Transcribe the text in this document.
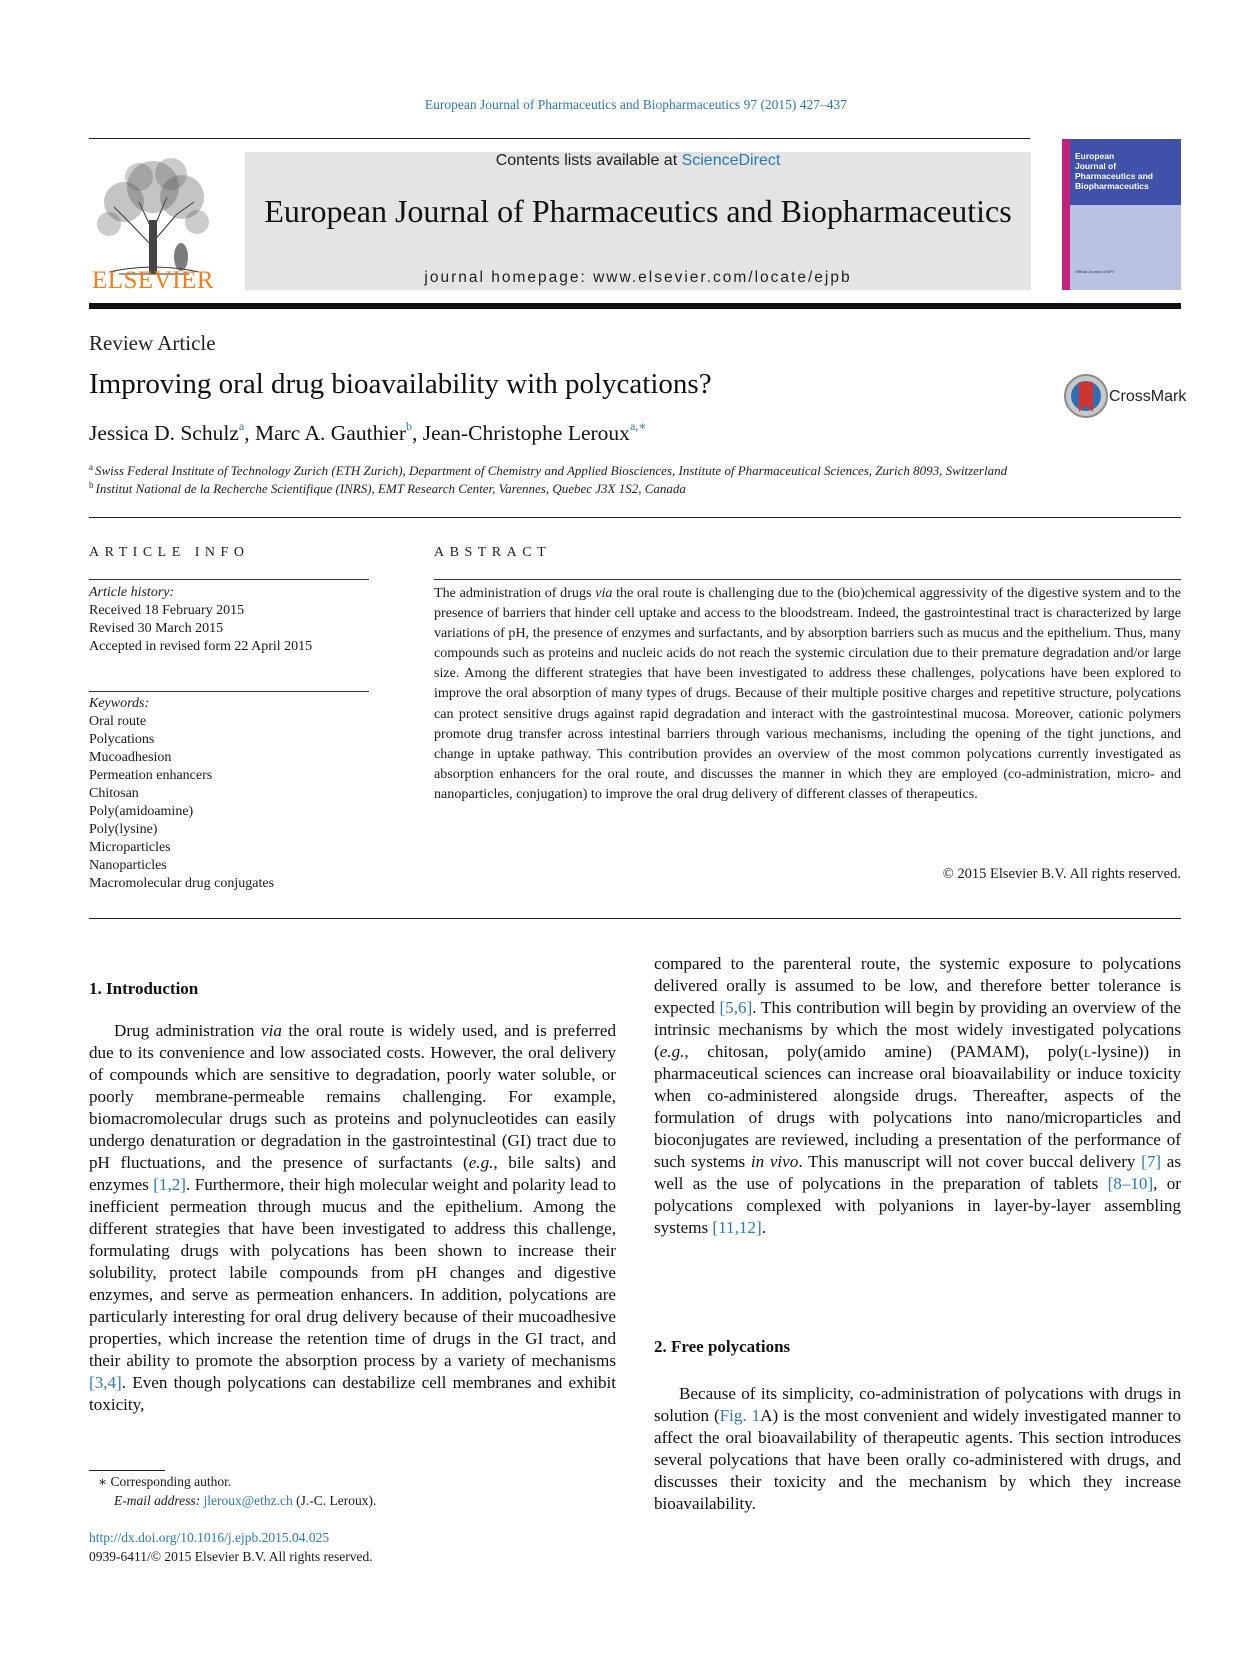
European Journal of Pharmaceutics and Biopharmaceutics 97 (2015) 427–437
ELSEVIER
Contents lists available at ScienceDirect
European Journal of Pharmaceutics and Biopharmaceutics
journal homepage: www.elsevier.com/locate/ejpb
European
Journal of
Pharmaceutics and
Biopharmaceutics
Official Journal of APV
Review Article
Improving oral drug bioavailability with polycations?	CrossMark
Jessica D. Schulz$^a$, Marc A. Gauthier$^b$, Jean-Christophe Leroux$^{a,∗}$
$^a$ Swiss Federal Institute of Technology Zurich (ETH Zurich), Department of Chemistry and Applied Biosciences, Institute of Pharmaceutical Sciences, Zurich 8093, Switzerland
$^b$ Institut National de la Recherche Scientifique (INRS), EMT Research Center, Varennes, Quebec J3X 1S2, Canada
ARTICLE INFO
Article history:
Received 18 February 2015
Revised 30 March 2015
Accepted in revised form 22 April 2015
Keywords:
Oral route
Polycations
Mucoadhesion
Permeation enhancers
Chitosan
Poly(amidoamine)
Poly(lysine)
Microparticles
Nanoparticles
Macromolecular drug conjugates
ABSTRACT
The administration of drugs via the oral route is challenging due to the (bio)chemical aggressivity of the digestive system and to the presence of barriers that hinder cell uptake and access to the bloodstream. Indeed, the gastrointestinal tract is characterized by large variations of pH, the presence of enzymes and surfactants, and by absorption barriers such as mucus and the epithelium. Thus, many compounds such as proteins and nucleic acids do not reach the systemic circulation due to their premature degradation and/or large size. Among the different strategies that have been investigated to address these challenges, polycations have been explored to improve the oral absorption of many types of drugs. Because of their multiple positive charges and repetitive structure, polycations can protect sensitive drugs against rapid degradation and interact with the gastrointestinal mucosa. Moreover, cationic polymers promote drug transfer across intestinal barriers through various mechanisms, including the opening of the tight junctions, and change in uptake pathway. This contribution provides an overview of the most common polycations currently investigated as absorption enhancers for the oral route, and discusses the manner in which they are employed (co-administration, micro- and nanoparticles, conjugation) to improve the oral drug delivery of different classes of therapeutics.
© 2015 Elsevier B.V. All rights reserved.
1. Introduction
Drug administration via the oral route is widely used, and is preferred due to its convenience and low associated costs. However, the oral delivery of compounds which are sensitive to degradation, poorly water soluble, or poorly membrane-permeable remains challenging. For example, biomacromolecular drugs such as proteins and polynucleotides can easily undergo denaturation or degradation in the gastrointestinal (GI) tract due to pH fluctuations, and the presence of surfactants (e.g., bile salts) and enzymes [1,2]. Furthermore, their high molecular weight and polarity lead to inefficient permeation through mucus and the epithelium. Among the different strategies that have been investigated to address this challenge, formulating drugs with polycations has been shown to increase their solubility, protect labile compounds from pH changes and digestive enzymes, and serve as permeation enhancers. In addition, polycations are particularly interesting for oral drug delivery because of their mucoadhesive properties, which increase the retention time of drugs in the GI tract, and their ability to promote the absorption process by a variety of mechanisms [3,4]. Even though polycations can destabilize cell membranes and exhibit toxicity,
compared to the parenteral route, the systemic exposure to polycations delivered orally is assumed to be low, and therefore better tolerance is expected [5,6]. This contribution will begin by providing an overview of the intrinsic mechanisms by which the most widely investigated polycations (e.g., chitosan, poly(amido amine) (PAMAM), poly(l-lysine)) in pharmaceutical sciences can increase oral bioavailability or induce toxicity when co-administered alongside drugs. Thereafter, aspects of the formulation of drugs with polycations into nano/microparticles and bioconjugates are reviewed, including a presentation of the performance of such systems in vivo. This manuscript will not cover buccal delivery [7] as well as the use of polycations in the preparation of tablets [8–10], or polycations complexed with polyanions in layer-by-layer assembling systems [11,12].
2. Free polycations
Because of its simplicity, co-administration of polycations with drugs in solution (Fig. 1A) is the most convenient and widely investigated manner to affect the oral bioavailability of therapeutic agents. This section introduces several polycations that have been orally co-administered with drugs, and discusses their toxicity and the mechanism by which they increase bioavailability.
∗ Corresponding author.
E-mail address: jleroux@ethz.ch (J.-C. Leroux).
http://dx.doi.org/10.1016/j.ejpb.2015.04.025
0939-6411/© 2015 Elsevier B.V. All rights reserved.
